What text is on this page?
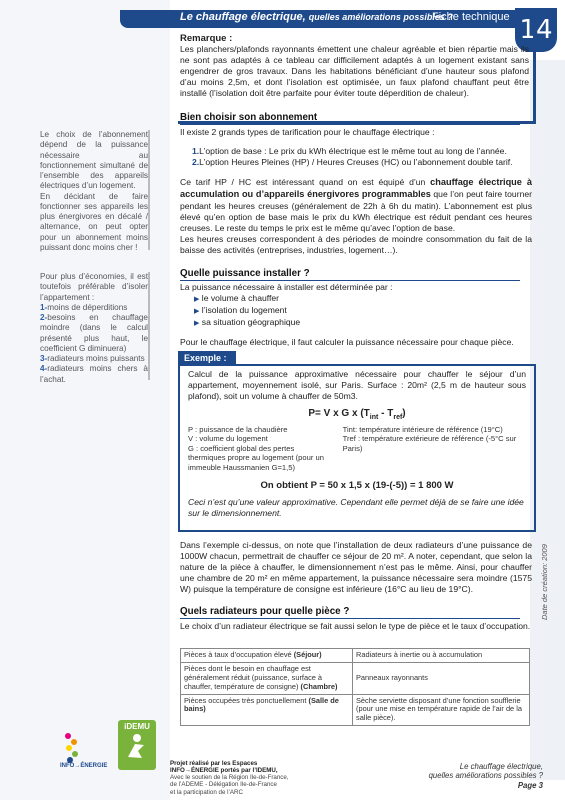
Le chauffage électrique, quelles améliorations possibles ?
Fiche technique 14
Remarque :
Les planchers/plafonds rayonnants émettent une chaleur agréable et bien répartie mais ils ne sont pas adaptés à ce tableau car difficilement adaptés à un logement existant sans engendrer de gros travaux. Dans les habitations bénéficiant d’une hauteur sous plafond d’au moins 2,5m, et dont l’isolation est optimisée, un faux plafond chauffant peut être installé (l’isolation doit être parfaite pour éviter toute déperdition de chaleur).
Le choix de l’abonnement dépend de la puissance nécessaire au fonctionnement simultané de l’ensemble des appareils électriques d’un logement.
En décidant de faire fonctionner ses appareils les plus énergivores en décalé / alternance, on peut opter pour un abonnement moins puissant donc moins cher !
Pour plus d’économies, il est toutefois préférable d’isoler l’appartement :
1-moins de déperditions
2-besoins en chauffage moindre (dans le calcul présenté plus haut, le coefficient G diminuera)
3-radiateurs moins puissants
4-radiateurs moins chers à l’achat.
Bien choisir son abonnement
Il existe 2 grands types de tarification pour le chauffage électrique :
1.L’option de base : Le prix du kWh électrique est le même tout au long de l’année.
2.L’option Heures Pleines (HP) / Heures Creuses (HC) ou l’abonnement double tarif.
Ce tarif HP / HC est intéressant quand on est équipé d’un chauffage électrique à accumulation ou d’appareils énergivores programmables que l’on peut faire tourner pendant les heures creuses (généralement de 22h à 6h du matin). L’abonnement est plus élevé qu’en option de base mais le prix du kWh électrique est réduit pendant ces heures creuses. Le reste du temps le prix est le même qu’avec l’option de base.
Les heures creuses correspondent à des périodes de moindre consommation du fait de la baisse des activités (entreprises, industries, logement…).
Quelle puissance installer ?
La puissance nécessaire à installer est déterminée par :
▶ le volume à chauffer
▶ l’isolation du logement
▶ sa situation géographique
Pour le chauffage électrique, il faut calculer la puissance nécessaire pour chaque pièce.
Exemple :
Calcul de la puissance approximative nécessaire pour chauffer le séjour d’un appartement, moyennement isolé, sur Paris. Surface : 20m² (2,5 m de hauteur sous plafond), soit un volume à chauffer de 50m3.
P= V x G x $(T_{int} - T_{ref})$
P : puissance de la chaudière
V : volume du logement
G : coefficient global des pertes thermiques propre au logement (pour un immeuble Haussmanien G=1,5)
Tint: température intérieure de référence (19°C)
Tref : température extérieure de référence (-5°C sur Paris)
On obtient P = 50 x 1,5 x (19-(-5)) = 1 800 W
Ceci n’est qu’une valeur approximative. Cependant elle permet déjà de se faire une idée sur le dimensionnement.
Dans l’exemple ci-dessus, on note que l’installation de deux radiateurs d’une puissance de 1000W chacun, permettrait de chauffer ce séjour de 20 m². A noter, cependant, que selon la nature de la pièce à chauffer, le dimensionnement n’est pas le même. Ainsi, pour chauffer une chambre de 20 m² en même appartement, la puissance nécessaire sera moindre (1575 W) puisque la température de consigne est inférieure (16°C au lieu de 19°C).
Quels radiateurs pour quelle pièce ?
Le choix d’un radiateur électrique se fait aussi selon le type de pièce et le taux d’occupation.
Pièces à taux d’occupation élevé (Séjour)	Radiateurs à inertie ou à accumulation
Pièces dont le besoin en chauffage est généralement réduit (puissance, surface à chauffer, température de consigne) (Chambre)	Panneaux rayonnants
Pièces occupées très ponctuellement (Salle de bains)	Sèche serviette disposant d’une fonction soufflerie (pour une mise en température rapide de l’air de la salle pièce).
Date de création: 2009
INFO→ÉNERGIE
iDEMU
Projet réalisé par les Espaces
INFO→ÉNERGIE portés par l’IDEMU,
Avec le soutien de la Région Ile-de-France,
de l’ADEME - Délégation Ile-de-France
et la participation de l’ARC
Le chauffage électrique,
quelles améliorations possibles ?
Page 3
